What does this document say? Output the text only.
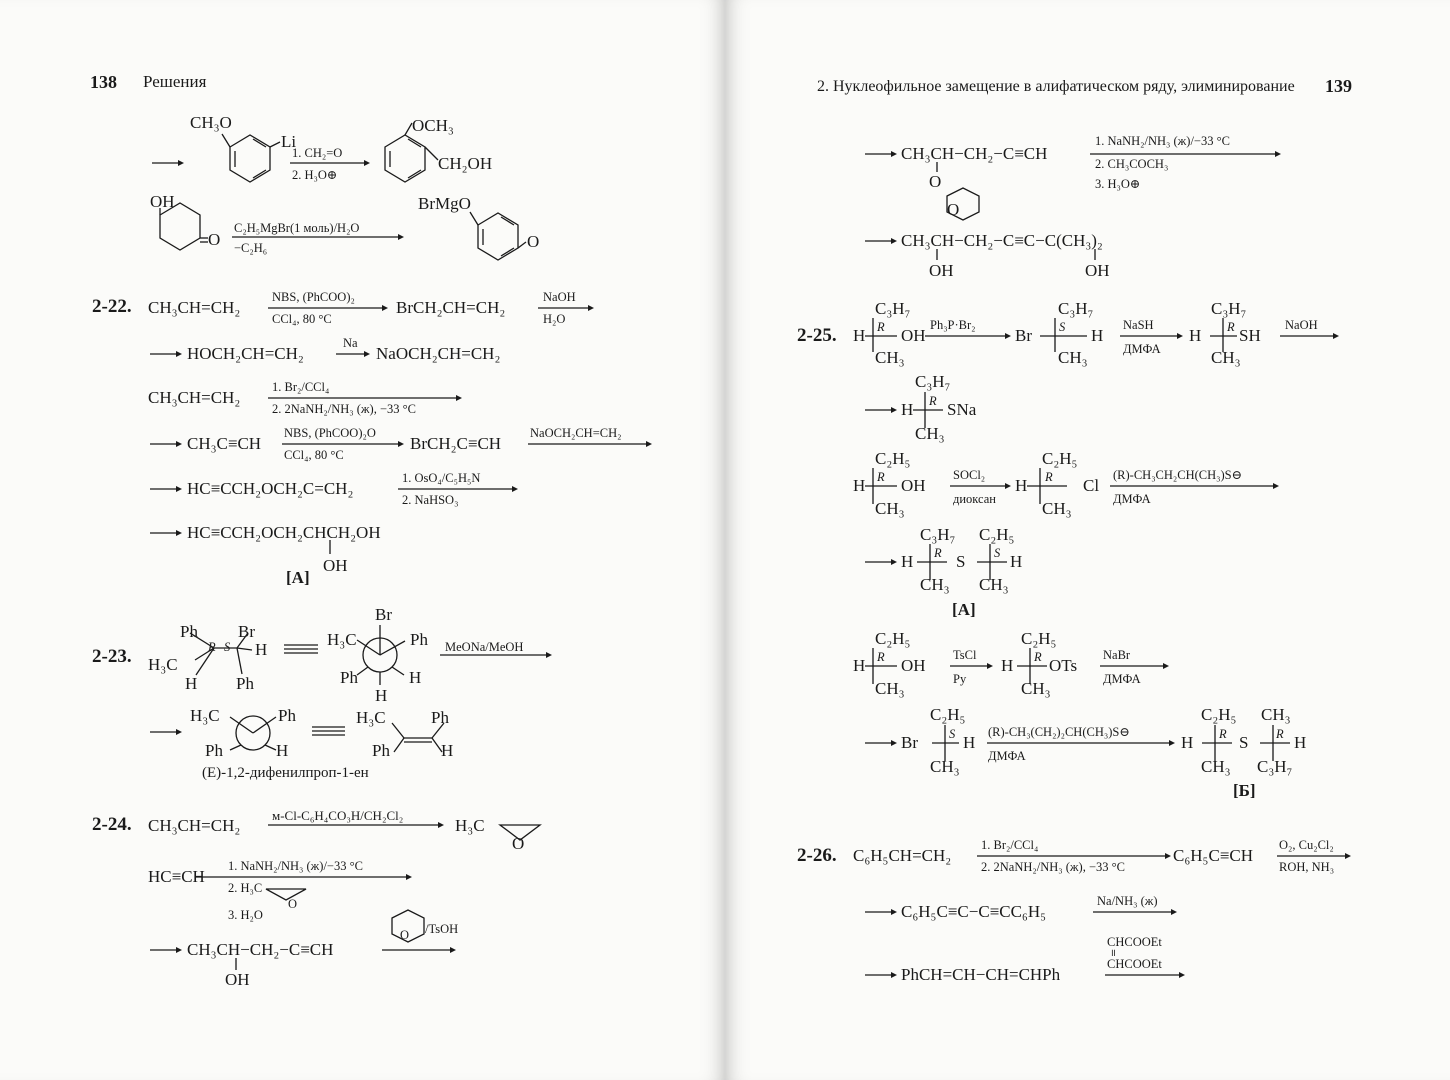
138 Решения
CH₃O
Li
1. CH₂=O
2. H₃O⊕
OCH₃
CH₂OH
OH
O
C₂H₅MgBr(1 моль)/H₂O
−C₂H₆
BrMgO
O
2-22. CH₃CH=CH₂
NBS, (PhCOO)₂
CCl₄, 80 °C
BrCH₂CH=CH₂
NaOH
H₂O
HOCH₂CH=CH₂
Na
NaOCH₂CH=CH₂
CH₃CH=CH₂
1. Br₂/CCl₄
2. 2NaNH₂/NH₃ (ж), −33 °C
CH₃C≡CH
NBS, (PhCOO)₂O
CCl₄, 80 °C
BrCH₂C≡CH
NaOCH₂CH=CH₂
HC≡CCH₂OCH₂C=CH₂
1. OsO₄/C₅H₅N
2. NaHSO₃
HC≡CCH₂OCH₂CHCH₂OH
OH
[A]
2-23.
Ph Br
H₃C
R S H
H Ph
Br
H₃C	Ph
Ph	H
H
MeONa/MeOH
H₃C	Ph
Ph	H
H₃C	Ph
Ph	H
(E)-1,2-дифенилпроп-1-ен
2-24. CH₃CH=CH₂
м-Cl-C₆H₄CO₃H/CH₂Cl₂
H₃C
O
HC≡CH
1. NaNH₂/NH₃ (ж)/−33 °C
2. H₃C
O
3. H₂O
CH₃CH−CH₂−C≡CH
OH
O /TsOH
2. Нуклеофильное замещение в алифатическом ряду, элиминирование 139
CH₃CH−CH₂−C≡CH
O
O
1. NaNH₂/NH₃ (ж)/−33 °C
2. CH₃COCH₃
3. H₃O⊕
CH₃CH−CH₂−C≡C−C(CH₃)₂
OH	OH
2-25.
C₃H₇
H OH
CH₃
R	Ph₃P·Br₂
C₃H₇
Br	H
CH₃
S	NaSH
ДМФА
C₃H₇
H SH
CH₃
R	NaOH
C₃H₇
H SNa
CH₃
R
C₂H₅
H OH
CH₃
R	SOCl₂
диоксан
C₂H₅
H	Cl
CH₃
R	(R)-CH₃CH₂CH(CH₃)S⊖
ДМФА
C₃H₇
H
CH₃
R S
C₂H₅
H
CH₃
S
[A]
C₂H₅
H OH
CH₃
R	TsCl
Py
C₂H₅
H OTs
CH₃
R	NaBr
ДМФА
C₂H₅
Br	H
CH₃
S	(R)-CH₃(CH₂)₂CH(CH₃)S⊖
ДМФА
C₂H₅
H
CH₃
R S
CH₃
H
C₃H₇
R
[Б]
2-26. C₆H₅CH=CH₂
1. Br₂/CCl₄
2. 2NaNH₂/NH₃ (ж), −33 °C
C₆H₅C≡CH
O₂, Cu₂Cl₂
ROH, NH₃
C₆H₅C≡C−C≡CC₆H₅
Na/NH₃ (ж)
PhCH=CH−CH=CHPh
CHCOOEt
॥
CHCOOEt
